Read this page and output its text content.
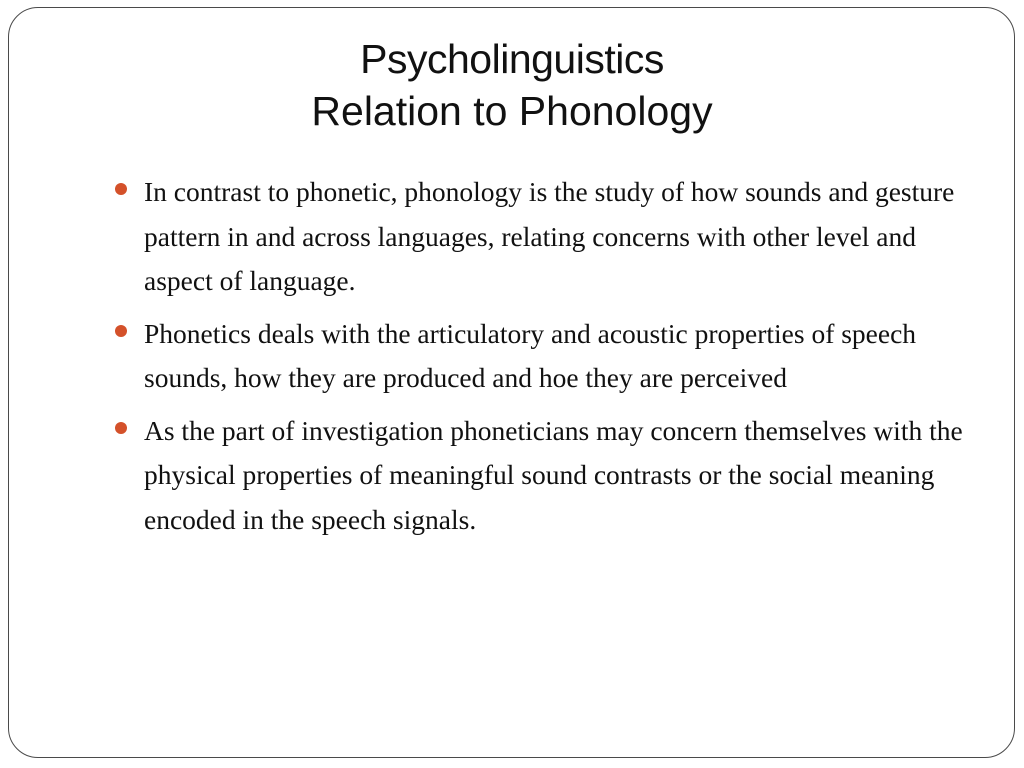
Psycholinguistics
Relation to Phonology
In contrast to phonetic, phonology is the study of how sounds and gesture pattern in and across languages, relating concerns with other level and aspect of language.
Phonetics deals with the articulatory and acoustic properties of speech sounds, how they are produced and hoe they are perceived
As the part of investigation phoneticians may concern themselves with the physical properties of meaningful sound contrasts or the social meaning encoded in the speech signals.
